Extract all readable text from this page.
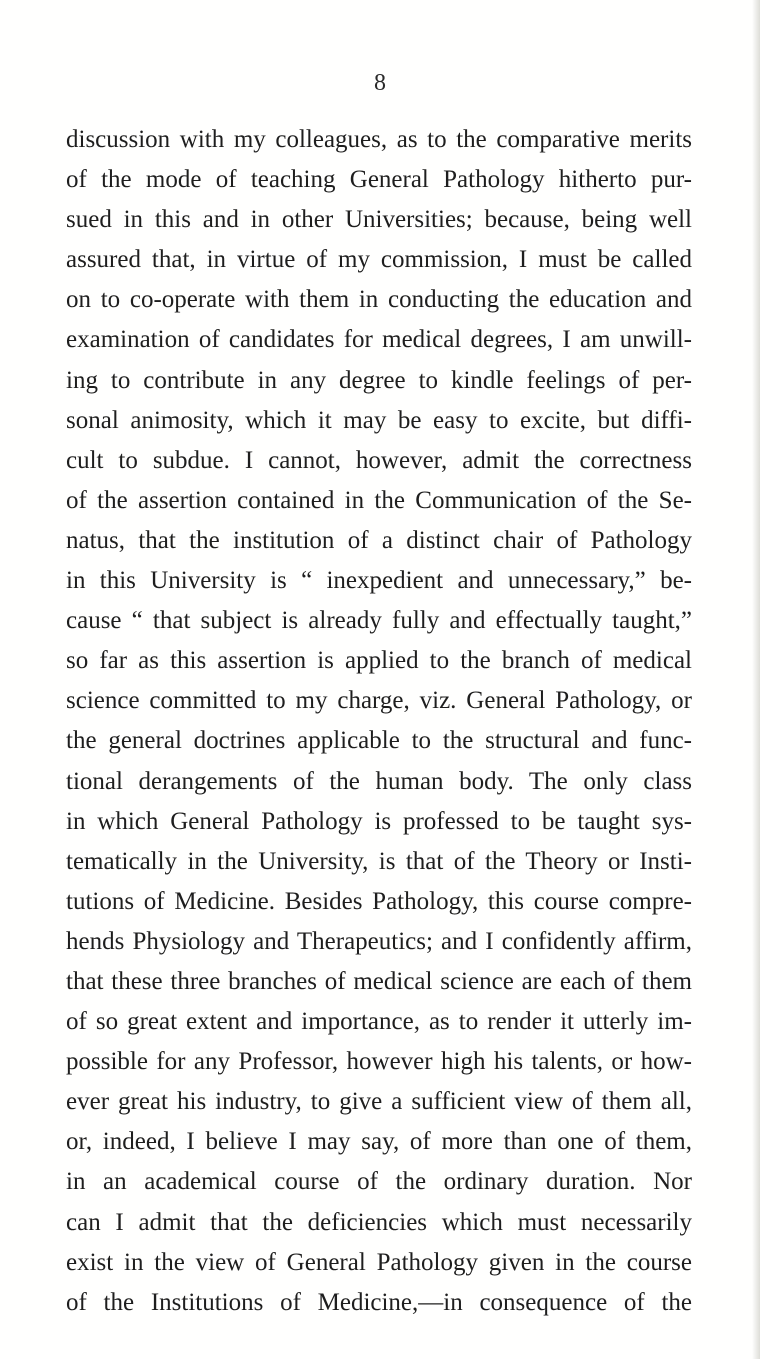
8
discussion with my colleagues, as to the comparative merits
of the mode of teaching General Pathology hitherto pur-
sued in this and in other Universities; because, being well
assured that, in virtue of my commission, I must be called
on to co-operate with them in conducting the education and
examination of candidates for medical degrees, I am unwill-
ing to contribute in any degree to kindle feelings of per-
sonal animosity, which it may be easy to excite, but diffi-
cult to subdue. I cannot, however, admit the correctness
of the assertion contained in the Communication of the Se-
natus, that the institution of a distinct chair of Pathology
in this University is “ inexpedient and unnecessary,” be-
cause “ that subject is already fully and effectually taught,”
so far as this assertion is applied to the branch of medical
science committed to my charge, viz. General Pathology, or
the general doctrines applicable to the structural and func-
tional derangements of the human body. The only class
in which General Pathology is professed to be taught sys-
tematically in the University, is that of the Theory or Insti-
tutions of Medicine. Besides Pathology, this course compre-
hends Physiology and Therapeutics; and I confidently affirm,
that these three branches of medical science are each of them
of so great extent and importance, as to render it utterly im-
possible for any Professor, however high his talents, or how-
ever great his industry, to give a sufficient view of them all,
or, indeed, I believe I may say, of more than one of them,
in an academical course of the ordinary duration. Nor
can I admit that the deficiencies which must necessarily
exist in the view of General Pathology given in the course
of the Institutions of Medicine,—in consequence of the
